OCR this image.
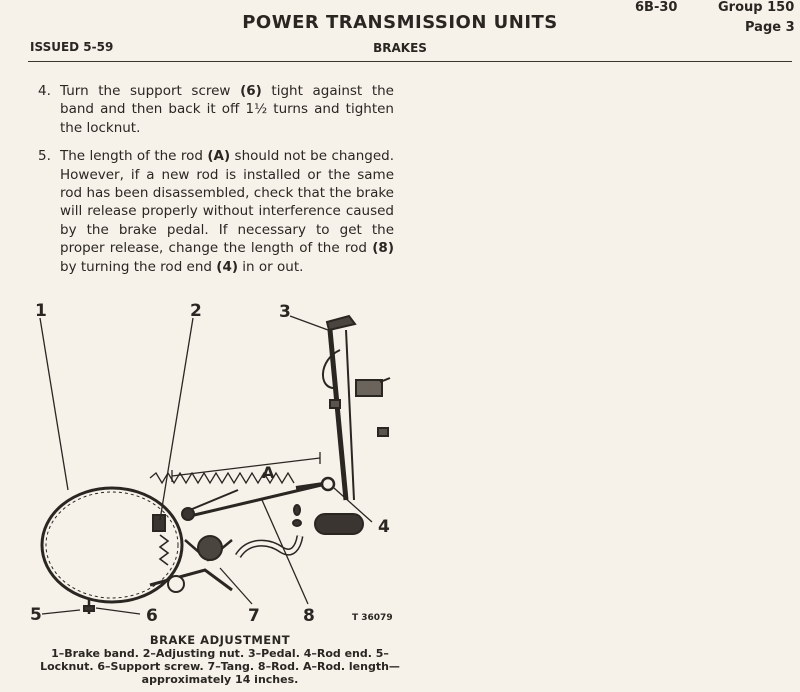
6B-30	Group 150
Page 3
POWER TRANSMISSION UNITS
ISSUED 5-59	BRAKES
4. Turn the support screw (6) tight against the band and then back it off 1½ turns and tighten the locknut.
5. The length of the rod (A) should not be changed. However, if a new rod is installed or the same rod has been disassembled, check that the brake will release properly without interference caused by the brake pedal. If necessary to get the proper release, change the length of the rod (8) by turning the rod end (4) in or out.
1	2	3
4
5	6	7	8
A
T 36079
BRAKE ADJUSTMENT
1–Brake band. 2–Adjusting nut. 3–Pedal. 4–Rod end. 5–Locknut. 6–Support screw. 7–Tang. 8–Rod. A–Rod. length—approximately 14 inches.
